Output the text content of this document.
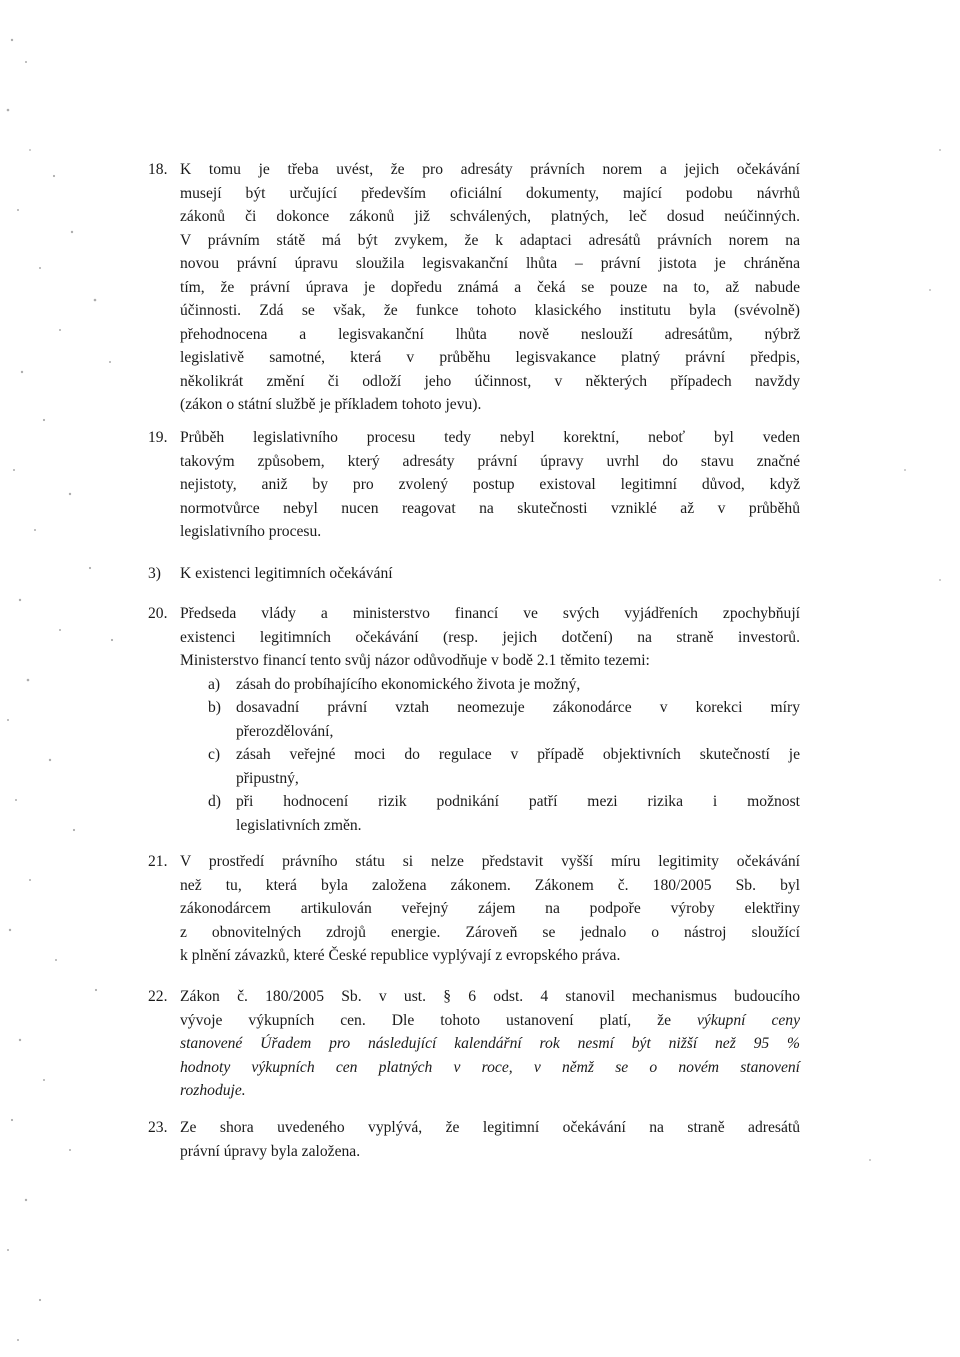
18. K tomu je třeba uvést, že pro adresáty právních norem a jejich očekávání
musejí být určující především oficiální dokumenty, mající podobu návrhů
zákonů či dokonce zákonů již schválených, platných, leč dosud neúčinných.
V právním státě má být zvykem, že k adaptaci adresátů právních norem na
novou právní úpravu sloužila legisvakanční lhůta – právní jistota je chráněna
tím, že právní úprava je dopředu známá a čeká se pouze na to, až nabude
účinnosti. Zdá se však, že funkce tohoto klasického institutu byla (svévolně)
přehodnocena a legisvakanční lhůta nově neslouží adresátům, nýbrž
legislativě samotné, která v průběhu legisvakance platný právní předpis,
několikrát změní či odloží jeho účinnost, v některých případech navždy
(zákon o státní službě je příkladem tohoto jevu).
19. Průběh legislativního procesu tedy nebyl korektní, neboť byl veden
takovým způsobem, který adresáty právní úpravy uvrhl do stavu značné
nejistoty, aniž by pro zvolený postup existoval legitimní důvod, když
normotvůrce nebyl nucen reagovat na skutečnosti vzniklé až v průběhů
legislativního procesu.
3) K existenci legitimních očekávání
20. Předseda vlády a ministerstvo financí ve svých vyjádřeních zpochybňují
existenci legitimních očekávání (resp. jejich dotčení) na straně investorů.
Ministerstvo financí tento svůj názor odůvodňuje v bodě 2.1 těmito tezemi:
a) zásah do probíhajícího ekonomického života je možný,
b) dosavadní právní vztah neomezuje zákonodárce v korekci míry
přerozdělování,
c) zásah veřejné moci do regulace v případě objektivních skutečností je
připustný,
d) při hodnocení rizik podnikání patří mezi rizika i možnost
legislativních změn.
21. V prostředí právního státu si nelze představit vyšší míru legitimity očekávání
než tu, která byla založena zákonem. Zákonem č. 180/2005 Sb. byl
zákonodárcem artikulován veřejný zájem na podpoře výroby elektřiny
z obnovitelných zdrojů energie. Zároveň se jednalo o nástroj sloužící
k plnění závazků, které České republice vyplývají z evropského práva.
22. Zákon č. 180/2005 Sb. v ust. § 6 odst. 4 stanovil mechanismus budoucího
vývoje výkupních cen. Dle tohoto ustanovení platí, že výkupní ceny
stanovené Úřadem pro následující kalendářní rok nesmí být nižší než 95 %
hodnoty výkupních cen platných v roce, v němž se o novém stanovení
rozhoduje.
23. Ze shora uvedeného vyplývá, že legitimní očekávání na straně adresátů
právní úpravy byla založena.
